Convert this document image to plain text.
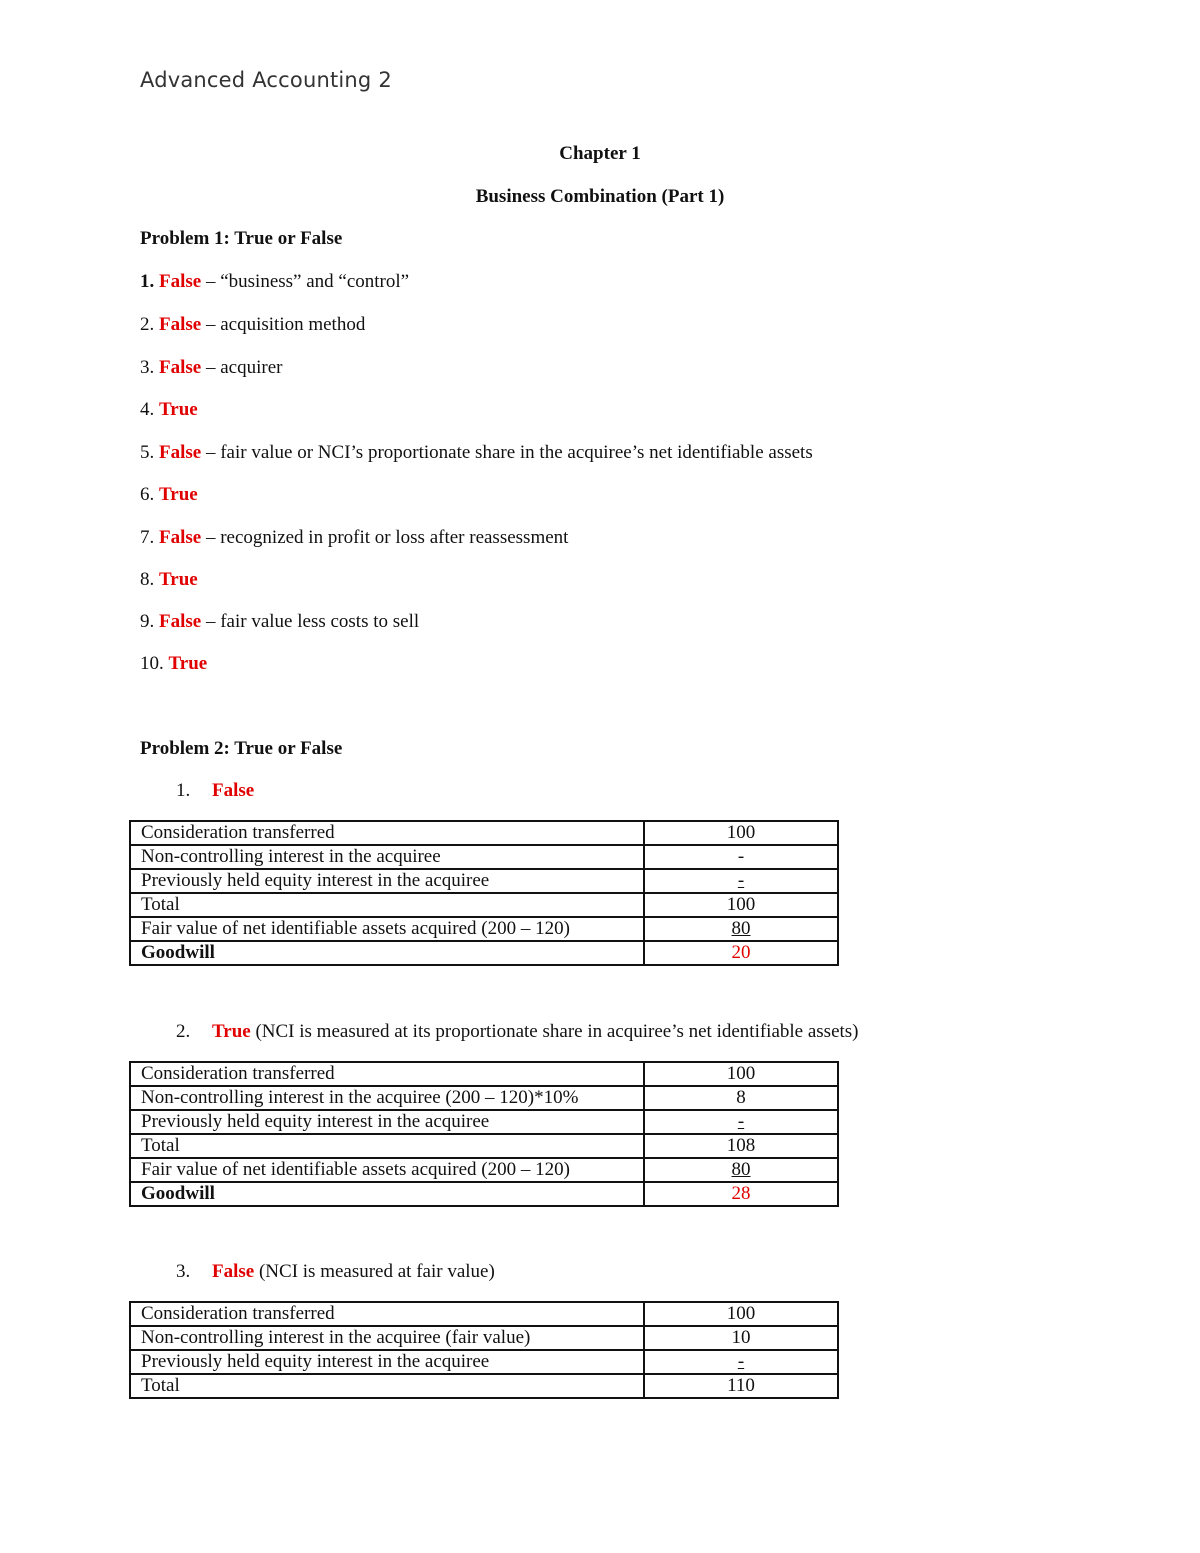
Advanced Accounting 2
Chapter 1
Business Combination (Part 1)
Problem 1: True or False
1. False – “business” and “control”
2. False – acquisition method
3. False – acquirer
4. True
5. False – fair value or NCI’s proportionate share in the acquiree’s net identifiable assets
6. True
7. False – recognized in profit or loss after reassessment
8. True
9. False – fair value less costs to sell
10. True
Problem 2: True or False
1. False
Consideration transferred	100
Non-controlling interest in the acquiree	-
Previously held equity interest in the acquiree	-
Total	100
Fair value of net identifiable assets acquired (200 – 120)	80
Goodwill	20
2. True (NCI is measured at its proportionate share in acquiree’s net identifiable assets)
Consideration transferred	100
Non-controlling interest in the acquiree (200 – 120)*10%	8
Previously held equity interest in the acquiree	-
Total	108
Fair value of net identifiable assets acquired (200 – 120)	80
Goodwill	28
3. False (NCI is measured at fair value)
Consideration transferred	100
Non-controlling interest in the acquiree (fair value)	10
Previously held equity interest in the acquiree	-
Total	110
